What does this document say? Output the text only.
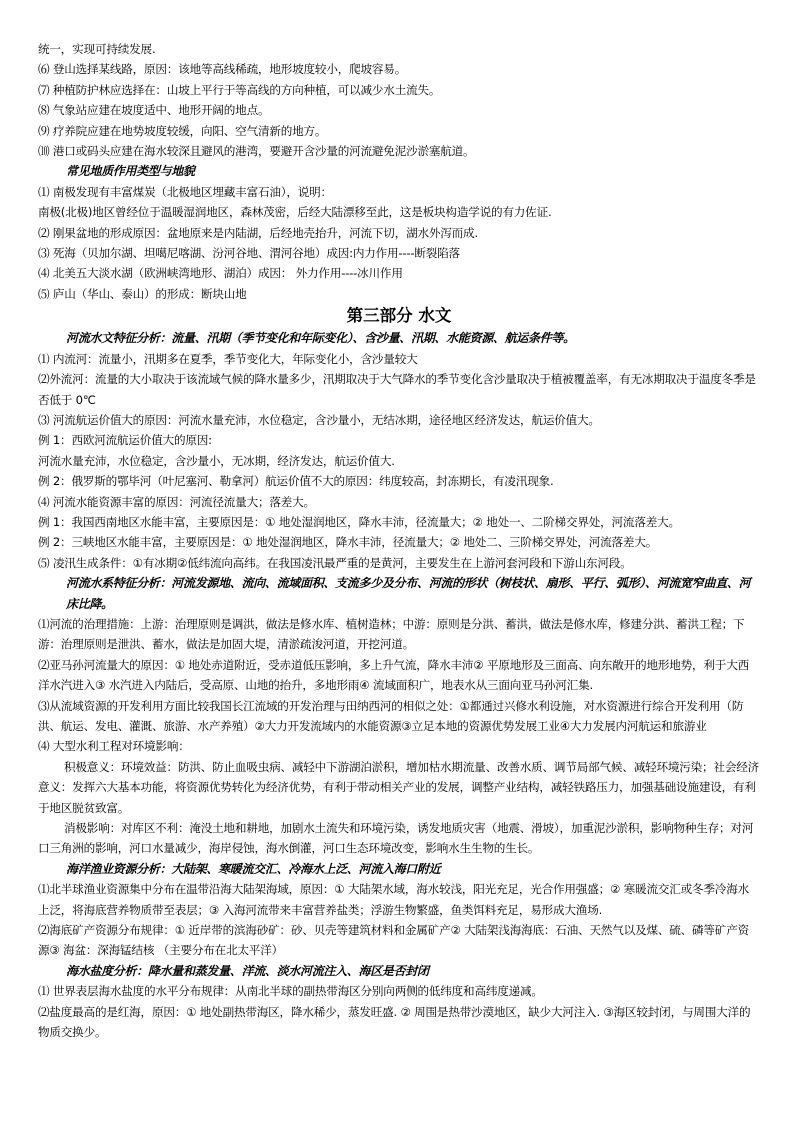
统一，实现可持续发展.
⑹ 登山选择某线路，原因：该地等高线稀疏，地形坡度较小，爬坡容易。
⑺ 种植防护林应选择在：山坡上平行于等高线的方向种植，可以减少水土流失。
⑻ 气象站应建在坡度适中、地形开阔的地点。
⑼ 疗养院应建在地势坡度较缓，向阳、空气清新的地方。
⑽ 港口或码头应建在海水较深且避风的港湾，要避开含沙量的河流避免泥沙淤塞航道。
常见地质作用类型与地貌
⑴ 南极发现有丰富煤炭（北极地区埋藏丰富石油），说明：
南极(北极)地区曾经位于温暖湿润地区，森林茂密，后经大陆漂移至此，这是板块构造学说的有力佐证.
⑵ 刚果盆地的形成原因：盆地原来是内陆湖，后经地壳抬升，河流下切，湖水外泻而成.
⑶ 死海（贝加尔湖、坦噶尼喀湖、汾河谷地、渭河谷地）成因:内力作用----断裂陷落
⑷ 北美五大淡水湖（欧洲峡湾地形、湖泊）成因： 外力作用----冰川作用
⑸ 庐山（华山、泰山）的形成：断块山地
第三部分 水文
河流水文特征分析：流量、汛期（季节变化和年际变化）、含沙量、汛期、水能资源、航运条件等。
⑴ 内流河：流量小，汛期多在夏季，季节变化大，年际变化小，含沙量较大
⑵外流河：流量的大小取决于该流域气候的降水量多少，汛期取决于大气降水的季节变化含沙量取决于植被覆盖率，有无冰期取决于温度冬季是否低于 0℃
⑶ 河流航运价值大的原因：河流水量充沛，水位稳定，含沙量小，无结冰期，途径地区经济发达，航运价值大。
例 1：西欧河流航运价值大的原因:
河流水量充沛，水位稳定，含沙量小，无冰期，经济发达，航运价值大.
例 2：俄罗斯的鄂毕河（叶尼塞河、勒拿河）航运价值不大的原因：纬度较高，封冻期长，有凌汛现象.
⑷ 河流水能资源丰富的原因：河流径流量大；落差大。
例 1：我国西南地区水能丰富，主要原因是：① 地处湿润地区，降水丰沛，径流量大；② 地处一、二阶梯交界处，河流落差大。
例 2：三峡地区水能丰富，主要原因是：① 地处湿润地区，降水丰沛，径流量大；② 地处二、三阶梯交界处，河流落差大。
⑸ 凌汛生成条件：①有冰期②低纬流向高纬。在我国凌汛最严重的是黄河，主要发生在上游河套河段和下游山东河段。
河流水系特征分析：河流发源地、流向、流域面积、支流多少及分布、河流的形状（树枝状、扇形、平行、弧形）、河流宽窄曲直、河床比降。
⑴河流的治理措施：上游：治理原则是调洪，做法是修水库、植树造林；中游：原则是分洪、蓄洪，做法是修水库，修建分洪、蓄洪工程；下游：治理原则是泄洪、蓄水，做法是加固大堤，清淤疏浚河道，开挖河道。
⑵亚马孙河流量大的原因：① 地处赤道附近，受赤道低压影响，多上升气流，降水丰沛② 平原地形及三面高、向东敞开的地形地势，利于大西洋水汽进入③ 水汽进入内陆后，受高原、山地的抬升，多地形雨④ 流域面积广，地表水从三面向亚马孙河汇集.
⑶从流域资源的开发利用方面比较我国长江流域的开发治理与田纳西河的相似之处：①都通过兴修水利设施，对水资源进行综合开发利用（防洪、航运、发电、灌溉、旅游、水产养殖）②大力开发流域内的水能资源③立足本地的资源优势发展工业④大力发展内河航运和旅游业
⑷ 大型水利工程对环境影响：
积极意义：环境效益：防洪、防止血吸虫病、减轻中下游湖泊淤积，增加枯水期流量、改善水质、调节局部气候、减轻环境污染；社会经济意义：发挥六大基本功能，将资源优势转化为经济优势，有利于带动相关产业的发展，调整产业结构，减轻铁路压力，加强基础设施建设，有利于地区脱贫致富。
消极影响：对库区不利：淹没土地和耕地，加剧水土流失和环境污染，诱发地质灾害（地震、滑坡），加重泥沙淤积，影响物种生存；对河口三角洲的影响，河口水量减少，海岸侵蚀，海水倒灌，河口生态环境改变，影响水生生物的生长。
海洋渔业资源分析：大陆架、寒暖流交汇、冷海水上泛、河流入海口附近
⑴北半球渔业资源集中分布在温带沿海大陆架海域，原因：① 大陆架水域，海水较浅，阳光充足，光合作用强盛；② 寒暖流交汇或冬季冷海水上泛，将海底营养物质带至表层；③ 入海河流带来丰富营养盐类；浮游生物繁盛，鱼类饵料充足，易形成大渔场.
⑵海底矿产资源分布规律：① 近岸带的滨海砂矿：砂、贝壳等建筑材料和金属矿产② 大陆架浅海海底：石油、天然气以及煤、硫、磷等矿产资源③ 海盆：深海锰结核 （主要分布在北太平洋）
海水盐度分析：降水量和蒸发量、洋流、淡水河流注入、海区是否封闭
⑴ 世界表层海水盐度的水平分布规律：从南北半球的副热带海区分别向两侧的低纬度和高纬度递减。
⑵盐度最高的是红海，原因：① 地处副热带海区，降水稀少，蒸发旺盛. ② 周围是热带沙漠地区，缺少大河注入. ③海区较封闭，与周围大洋的物质交换少。
